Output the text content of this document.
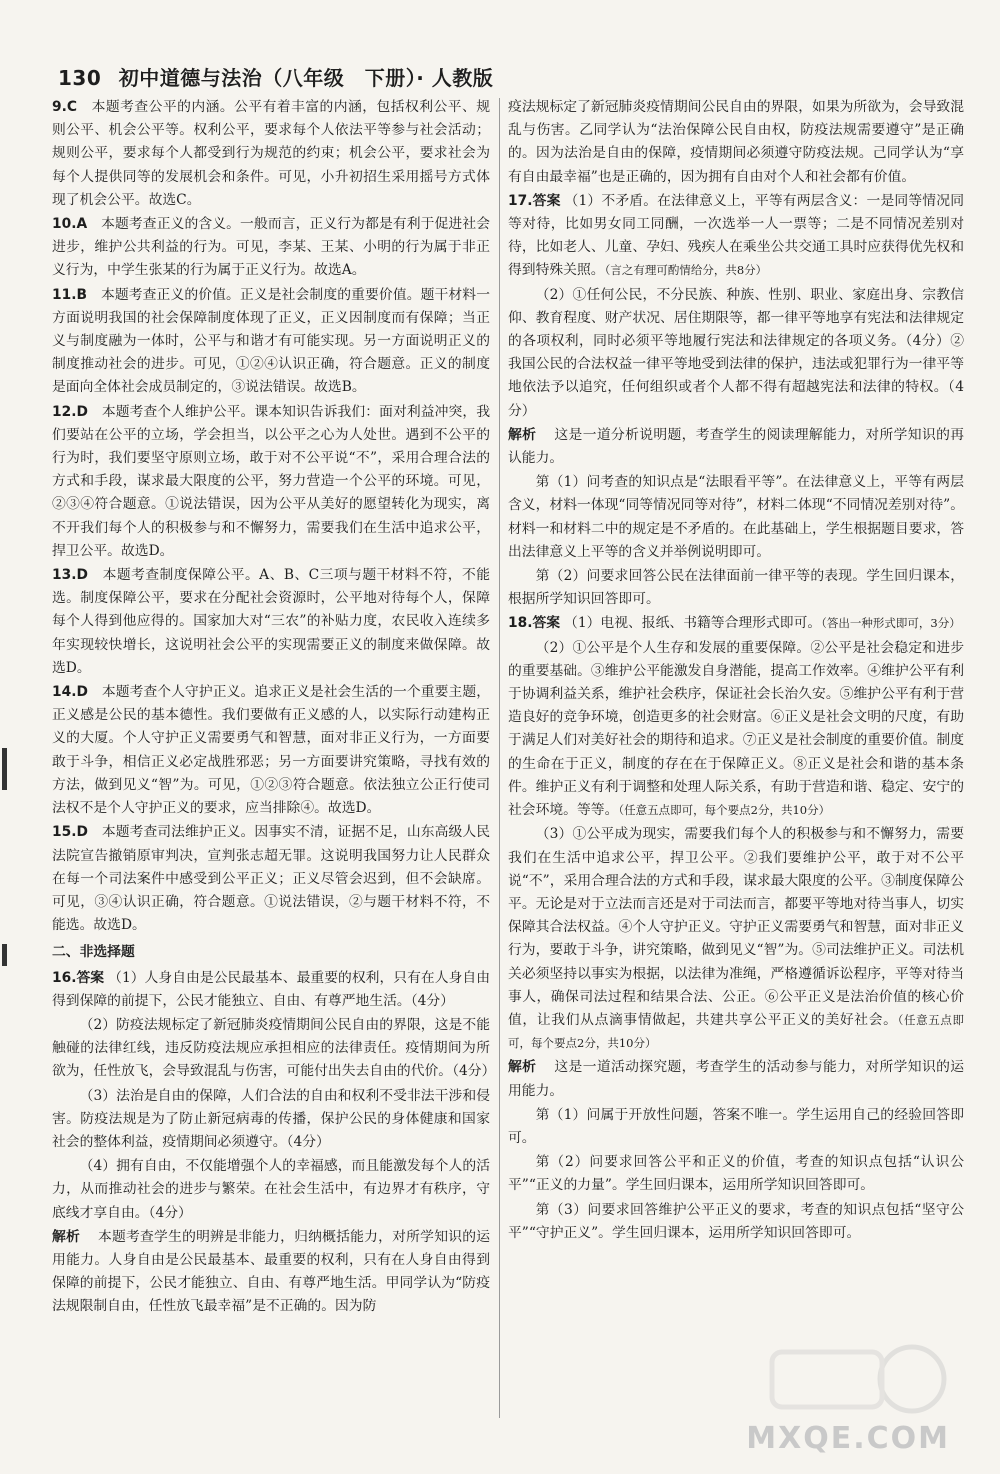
130 初中道德与法治（八年级　下册）· 人教版

9.C　 本题考查公平的内涵。公平有着丰富的内涵，包括权利公平、规则公平、机会公平等。权利公平，要求每个人依法平等参与社会活动；规则公平，要求每个人都受到行为规范的约束；机会公平，要求社会为每个人提供同等的发展机会和条件。可见，小升初招生采用摇号方式体现了机会公平。故选C。

10.A　 本题考查正义的含义。一般而言，正义行为都是有利于促进社会进步，维护公共利益的行为。可见，李某、王某、小明的行为属于非正义行为，中学生张某的行为属于正义行为。故选A。

11.B　 本题考查正义的价值。正义是社会制度的重要价值。题干材料一方面说明我国的社会保障制度体现了正义，正义因制度而有保障；当正义与制度融为一体时，公平与和谐才有可能实现。另一方面说明正义的制度推动社会的进步。可见，①②④认识正确，符合题意。正义的制度是面向全体社会成员制定的，③说法错误。故选B。

12.D　 本题考查个人维护公平。课本知识告诉我们：面对利益冲突，我们要站在公平的立场，学会担当，以公平之心为人处世。遇到不公平的行为时，我们要坚守原则立场，敢于对不公平说“不”，采用合理合法的方式和手段，谋求最大限度的公平，努力营造一个公平的环境。可见，②③④符合题意。①说法错误，因为公平从美好的愿望转化为现实，离不开我们每个人的积极参与和不懈努力，需要我们在生活中追求公平，捍卫公平。故选D。

13.D　 本题考查制度保障公平。A、B、C三项与题干材料不符，不能选。制度保障公平，要求在分配社会资源时，公平地对待每个人，保障每个人得到他应得的。国家加大对“三农”的补贴力度，农民收入连续多年实现较快增长，这说明社会公平的实现需要正义的制度来做保障。故选D。

14.D　 本题考查个人守护正义。追求正义是社会生活的一个重要主题，正义感是公民的基本德性。我们要做有正义感的人，以实际行动建构正义的大厦。个人守护正义需要勇气和智慧，面对非正义行为，一方面要敢于斗争，相信正义必定战胜邪恶；另一方面要讲究策略，寻找有效的方法，做到见义“智”为。可见，①②③符合题意。依法独立公正行使司法权不是个人守护正义的要求，应当排除④。故选D。

15.D　 本题考查司法维护正义。因事实不清，证据不足，山东高级人民法院宣告撤销原审判决，宣判张志超无罪。这说明我国努力让人民群众在每一个司法案件中感受到公平正义；正义尽管会迟到，但不会缺席。可见，③④认识正确，符合题意。①说法错误，②与题干材料不符，不能选。故选D。

二、非选择题

16.答案 （1）人身自由是公民最基本、最重要的权利，只有在人身自由得到保障的前提下，公民才能独立、自由、有尊严地生活。（4分）

（2）防疫法规标定了新冠肺炎疫情期间公民自由的界限，这是不能触碰的法律红线，违反防疫法规应承担相应的法律责任。疫情期间为所欲为，任性放飞，会导致混乱与伤害，可能付出失去自由的代价。（4分）

（3）法治是自由的保障，人们合法的自由和权利不受非法干涉和侵害。防疫法规是为了防止新冠病毒的传播，保护公民的身体健康和国家社会的整体利益，疫情期间必须遵守。（4分）

（4）拥有自由，不仅能增强个人的幸福感，而且能激发每个人的活力，从而推动社会的进步与繁荣。在社会生活中，有边界才有秩序，守底线才享自由。（4分）

解析　 本题考查学生的明辨是非能力，归纳概括能力，对所学知识的运用能力。人身自由是公民最基本、最重要的权利，只有在人身自由得到保障的前提下，公民才能独立、自由、有尊严地生活。甲同学认为“防疫法规限制自由，任性放飞最幸福”是不正确的。因为防

疫法规标定了新冠肺炎疫情期间公民自由的界限，如果为所欲为，会导致混乱与伤害。乙同学认为“法治保障公民自由权，防疫法规需要遵守”是正确的。因为法治是自由的保障，疫情期间必须遵守防疫法规。己同学认为“享有自由最幸福”也是正确的，因为拥有自由对个人和社会都有价值。

17.答案 （1）不矛盾。在法律意义上，平等有两层含义：一是同等情况同等对待，比如男女同工同酬，一次选举一人一票等；二是不同情况差别对待，比如老人、儿童、孕妇、残疾人在乘坐公共交通工具时应获得优先权和得到特殊关照。（言之有理可酌情给分，共8分）

（2）①任何公民，不分民族、种族、性别、职业、家庭出身、宗教信仰、教育程度、财产状况、居住期限等，都一律平等地享有宪法和法律规定的各项权利，同时必须平等地履行宪法和法律规定的各项义务。（4分）②我国公民的合法权益一律平等地受到法律的保护，违法或犯罪行为一律平等地依法予以追究，任何组织或者个人都不得有超越宪法和法律的特权。（4分）

解析　 这是一道分析说明题，考查学生的阅读理解能力，对所学知识的再认能力。

第（1）问考查的知识点是“法眼看平等”。在法律意义上，平等有两层含义，材料一体现“同等情况同等对待”，材料二体现“不同情况差别对待”。材料一和材料二中的规定是不矛盾的。在此基础上，学生根据题目要求，答出法律意义上平等的含义并举例说明即可。

第（2）问要求回答公民在法律面前一律平等的表现。学生回归课本，根据所学知识回答即可。

18.答案 （1）电视、报纸、书籍等合理形式即可。（答出一种形式即可，3分）

（2）①公平是个人生存和发展的重要保障。②公平是社会稳定和进步的重要基础。③维护公平能激发自身潜能，提高工作效率。④维护公平有利于协调利益关系，维护社会秩序，保证社会长治久安。⑤维护公平有利于营造良好的竞争环境，创造更多的社会财富。⑥正义是社会文明的尺度，有助于满足人们对美好社会的期待和追求。⑦正义是社会制度的重要价值。制度的生命在于正义，制度的存在在于保障正义。⑧正义是社会和谐的基本条件。维护正义有利于调整和处理人际关系，有助于营造和谐、稳定、安宁的社会环境。等等。（任意五点即可，每个要点2分，共10分）

（3）①公平成为现实，需要我们每个人的积极参与和不懈努力，需要我们在生活中追求公平，捍卫公平。②我们要维护公平，敢于对不公平说“不”，采用合理合法的方式和手段，谋求最大限度的公平。③制度保障公平。无论是对于立法而言还是对于司法而言，都要平等地对待当事人，切实保障其合法权益。④个人守护正义。守护正义需要勇气和智慧，面对非正义行为，要敢于斗争，讲究策略，做到见义“智”为。⑤司法维护正义。司法机关必须坚持以事实为根据，以法律为准绳，严格遵循诉讼程序，平等对待当事人，确保司法过程和结果合法、公正。⑥公平正义是法治价值的核心价值，让我们从点滴事情做起，共建共享公平正义的美好社会。（任意五点即可，每个要点2分，共10分）

解析　 这是一道活动探究题，考查学生的活动参与能力，对所学知识的运用能力。

第（1）问属于开放性问题，答案不唯一。学生运用自己的经验回答即可。

第（2）问要求回答公平和正义的价值，考查的知识点包括“认识公平”“正义的力量”。学生回归课本，运用所学知识回答即可。

第（3）问要求回答维护公平正义的要求，考查的知识点包括“坚守公平”“守护正义”。学生回归课本，运用所学知识回答即可。

MXQE.COM
